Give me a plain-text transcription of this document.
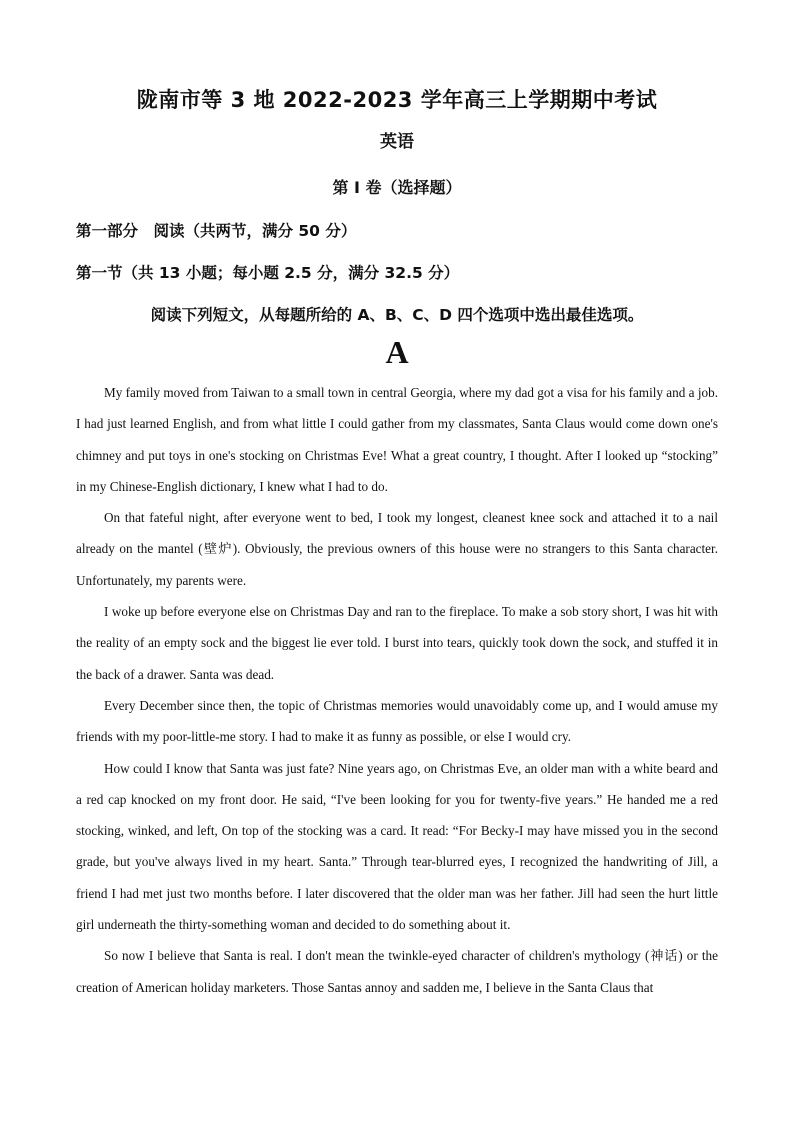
陇南市等 3 地 2022-2023 学年高三上学期期中考试
英语
第 I 卷（选择题）
第一部分　阅读（共两节，满分 50 分）
第一节（共 13 小题；每小题 2.5 分，满分 32.5 分）
阅读下列短文，从每题所给的 A、B、C、D 四个选项中选出最佳选项。
A

My family moved from Taiwan to a small town in central Georgia, where my dad got a visa for his family and a job. I had just learned English, and from what little I could gather from my classmates, Santa Claus would come down one's chimney and put toys in one's stocking on Christmas Eve! What a great country, I thought. After I looked up “stocking” in my Chinese-English dictionary, I knew what I had to do.

On that fateful night, after everyone went to bed, I took my longest, cleanest knee sock and attached it to a nail already on the mantel (壁炉). Obviously, the previous owners of this house were no strangers to this Santa character. Unfortunately, my parents were.

I woke up before everyone else on Christmas Day and ran to the fireplace. To make a sob story short, I was hit with the reality of an empty sock and the biggest lie ever told. I burst into tears, quickly took down the sock, and stuffed it in the back of a drawer. Santa was dead.

Every December since then, the topic of Christmas memories would unavoidably come up, and I would amuse my friends with my poor-little-me story. I had to make it as funny as possible, or else I would cry.

How could I know that Santa was just fate? Nine years ago, on Christmas Eve, an older man with a white beard and a red cap knocked on my front door. He said, “I've been looking for you for twenty-five years.” He handed me a red stocking, winked, and left, On top of the stocking was a card. It read: “For Becky-I may have missed you in the second grade, but you've always lived in my heart. Santa.” Through tear-blurred eyes, I recognized the handwriting of Jill, a friend I had met just two months before. I later discovered that the older man was her father. Jill had seen the hurt little girl underneath the thirty-something woman and decided to do something about it.

So now I believe that Santa is real. I don't mean the twinkle-eyed character of children's mythology (神话) or the creation of American holiday marketers. Those Santas annoy and sadden me, I believe in the Santa Claus that
